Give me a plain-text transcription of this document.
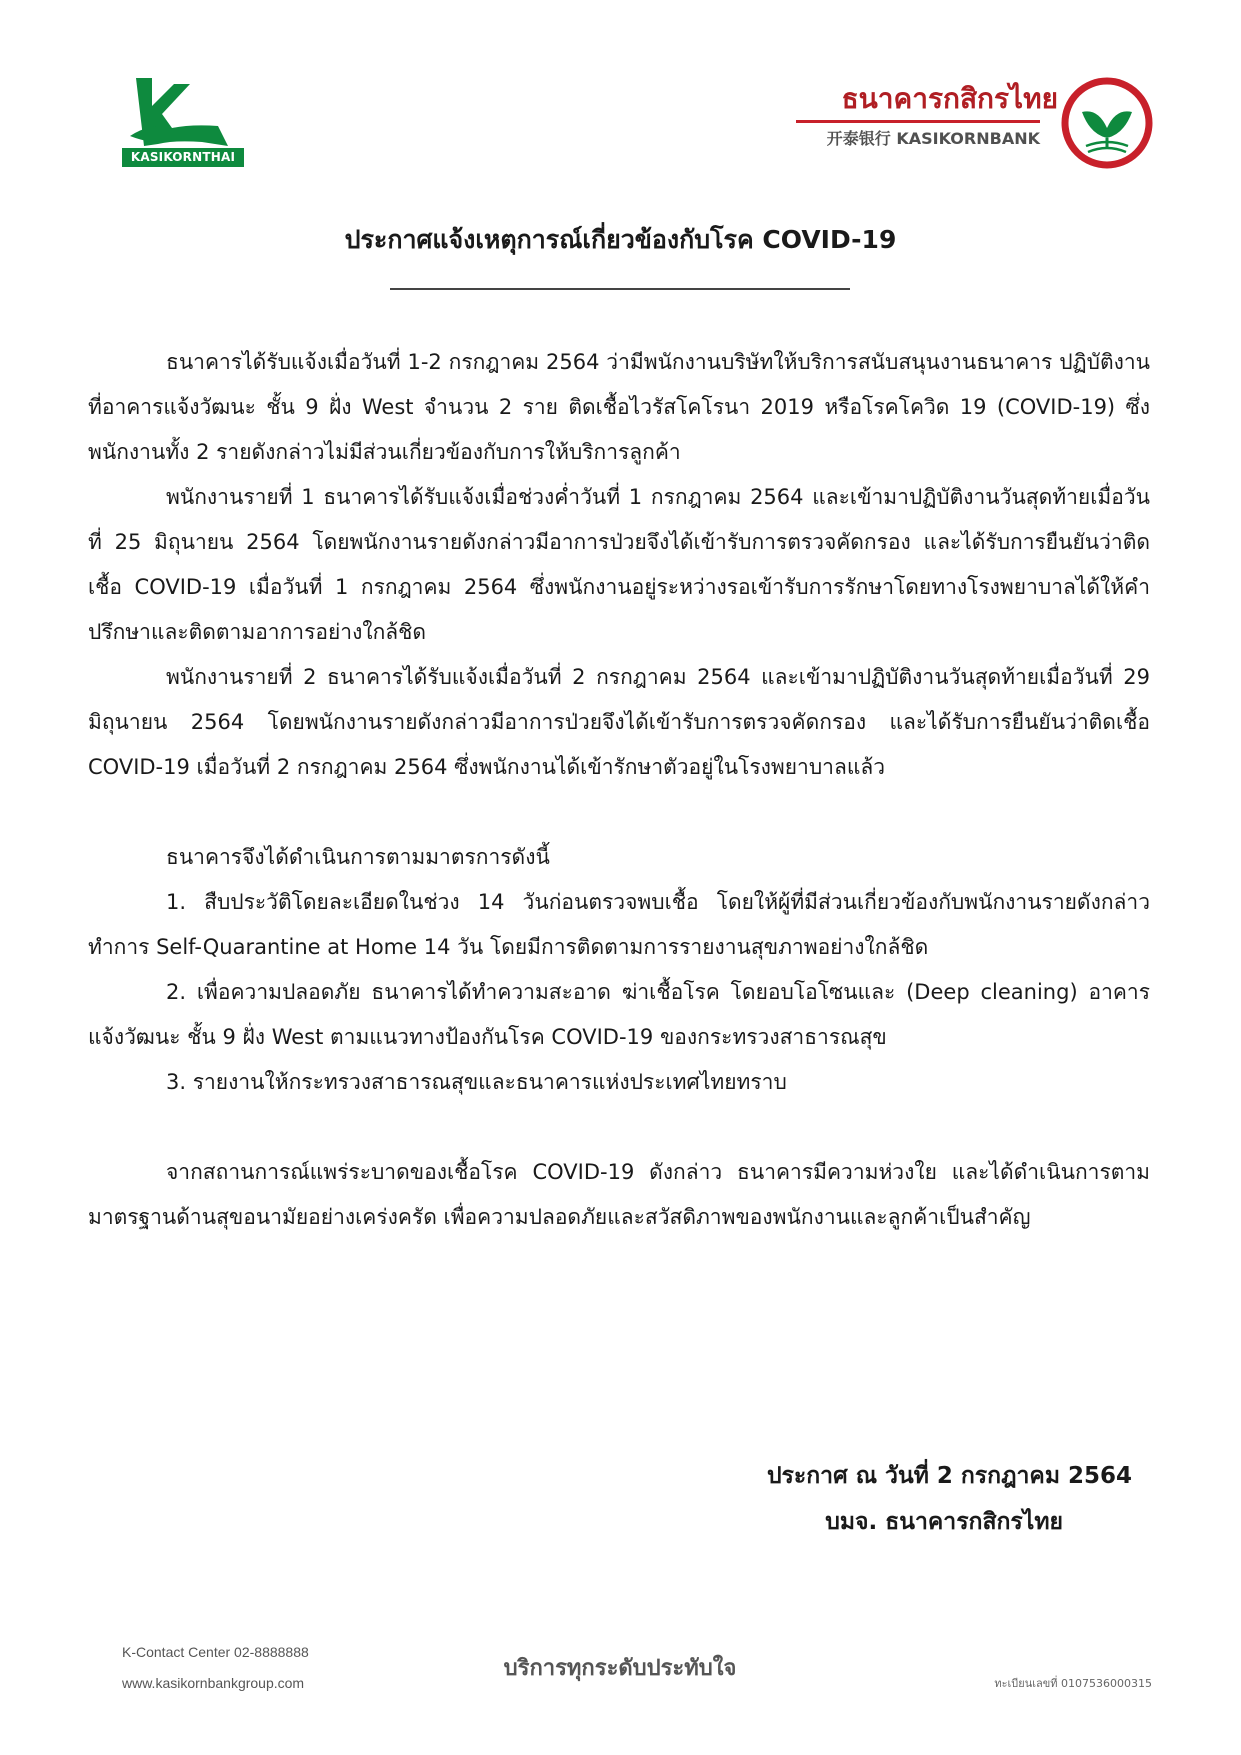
KASIKORNTHAI
ธนาคารกสิกรไทย
开泰银行 KASIKORNBANK
ประกาศแจ้งเหตุการณ์เกี่ยวข้องกับโรค COVID-19

ธนาคารได้รับแจ้งเมื่อวันที่ 1-2 กรกฎาคม 2564 ว่ามีพนักงานบริษัทให้บริการสนับสนุนงานธนาคาร ปฏิบัติงานที่อาคารแจ้งวัฒนะ ชั้น 9 ฝั่ง West จำนวน 2 ราย ติดเชื้อไวรัสโคโรนา 2019 หรือโรคโควิด 19 (COVID-19) ซึ่งพนักงานทั้ง 2 รายดังกล่าวไม่มีส่วนเกี่ยวข้องกับการให้บริการลูกค้า

พนักงานรายที่ 1 ธนาคารได้รับแจ้งเมื่อช่วงค่ำวันที่ 1 กรกฎาคม 2564 และเข้ามาปฏิบัติงานวันสุดท้ายเมื่อวันที่ 25 มิถุนายน 2564 โดยพนักงานรายดังกล่าวมีอาการป่วยจึงได้เข้ารับการตรวจคัดกรอง และได้รับการยืนยันว่าติดเชื้อ COVID-19 เมื่อวันที่ 1 กรกฎาคม 2564 ซึ่งพนักงานอยู่ระหว่างรอเข้ารับการรักษาโดยทางโรงพยาบาลได้ให้คำปรึกษาและติดตามอาการอย่างใกล้ชิด

พนักงานรายที่ 2 ธนาคารได้รับแจ้งเมื่อวันที่ 2 กรกฎาคม 2564 และเข้ามาปฏิบัติงานวันสุดท้ายเมื่อวันที่ 29 มิถุนายน 2564 โดยพนักงานรายดังกล่าวมีอาการป่วยจึงได้เข้ารับการตรวจคัดกรอง และได้รับการยืนยันว่าติดเชื้อ COVID-19 เมื่อวันที่ 2 กรกฎาคม 2564 ซึ่งพนักงานได้เข้ารักษาตัวอยู่ในโรงพยาบาลแล้ว

ธนาคารจึงได้ดำเนินการตามมาตรการดังนี้

1. สืบประวัติโดยละเอียดในช่วง 14 วันก่อนตรวจพบเชื้อ โดยให้ผู้ที่มีส่วนเกี่ยวข้องกับพนักงานรายดังกล่าวทำการ Self-Quarantine at Home 14 วัน โดยมีการติดตามการรายงานสุขภาพอย่างใกล้ชิด

2. เพื่อความปลอดภัย ธนาคารได้ทำความสะอาด ฆ่าเชื้อโรค โดยอบโอโซนและ (Deep cleaning) อาคารแจ้งวัฒนะ ชั้น 9 ฝั่ง West ตามแนวทางป้องกันโรค COVID-19 ของกระทรวงสาธารณสุข

3. รายงานให้กระทรวงสาธารณสุขและธนาคารแห่งประเทศไทยทราบ

จากสถานการณ์แพร่ระบาดของเชื้อโรค COVID-19 ดังกล่าว ธนาคารมีความห่วงใย และได้ดำเนินการตามมาตรฐานด้านสุขอนามัยอย่างเคร่งครัด เพื่อความปลอดภัยและสวัสดิภาพของพนักงานและลูกค้าเป็นสำคัญ

ประกาศ ณ วันที่ 2 กรกฎาคม 2564
บมจ. ธนาคารกสิกรไทย
K-Contact Center 02-8888888
www.kasikornbankgroup.com
บริการทุกระดับประทับใจ
ทะเบียนเลขที่ 0107536000315
